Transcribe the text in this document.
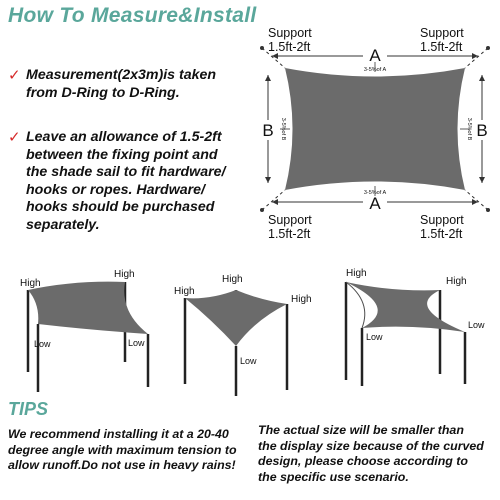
How To Measure&Install
✓ Measurement(2x3m)is taken
from D-Ring to D-Ring.
✓ Leave an allowance of 1.5-2ft
between the fixing point and
the shade sail to fit hardware/
hooks or ropes. Hardware/
hooks should be purchased
separately.
A
A
B	B
3-5%of A
3-5%of A
3-5%of B	3-5%of B
Support
1.5ft-2ft
Support
1.5ft-2ft
Support
1.5ft-2ft
Support
1.5ft-2ft
High
High
Low	Low
High
High
High
Low
High
High
Low
Low
TIPS
We recommend installing it at a 20-40
degree angle with maximum tension to
allow runoff.Do not use in heavy rains!
The actual size will be smaller than
the display size because of the curved
design, please choose according to
the specific use scenario.
